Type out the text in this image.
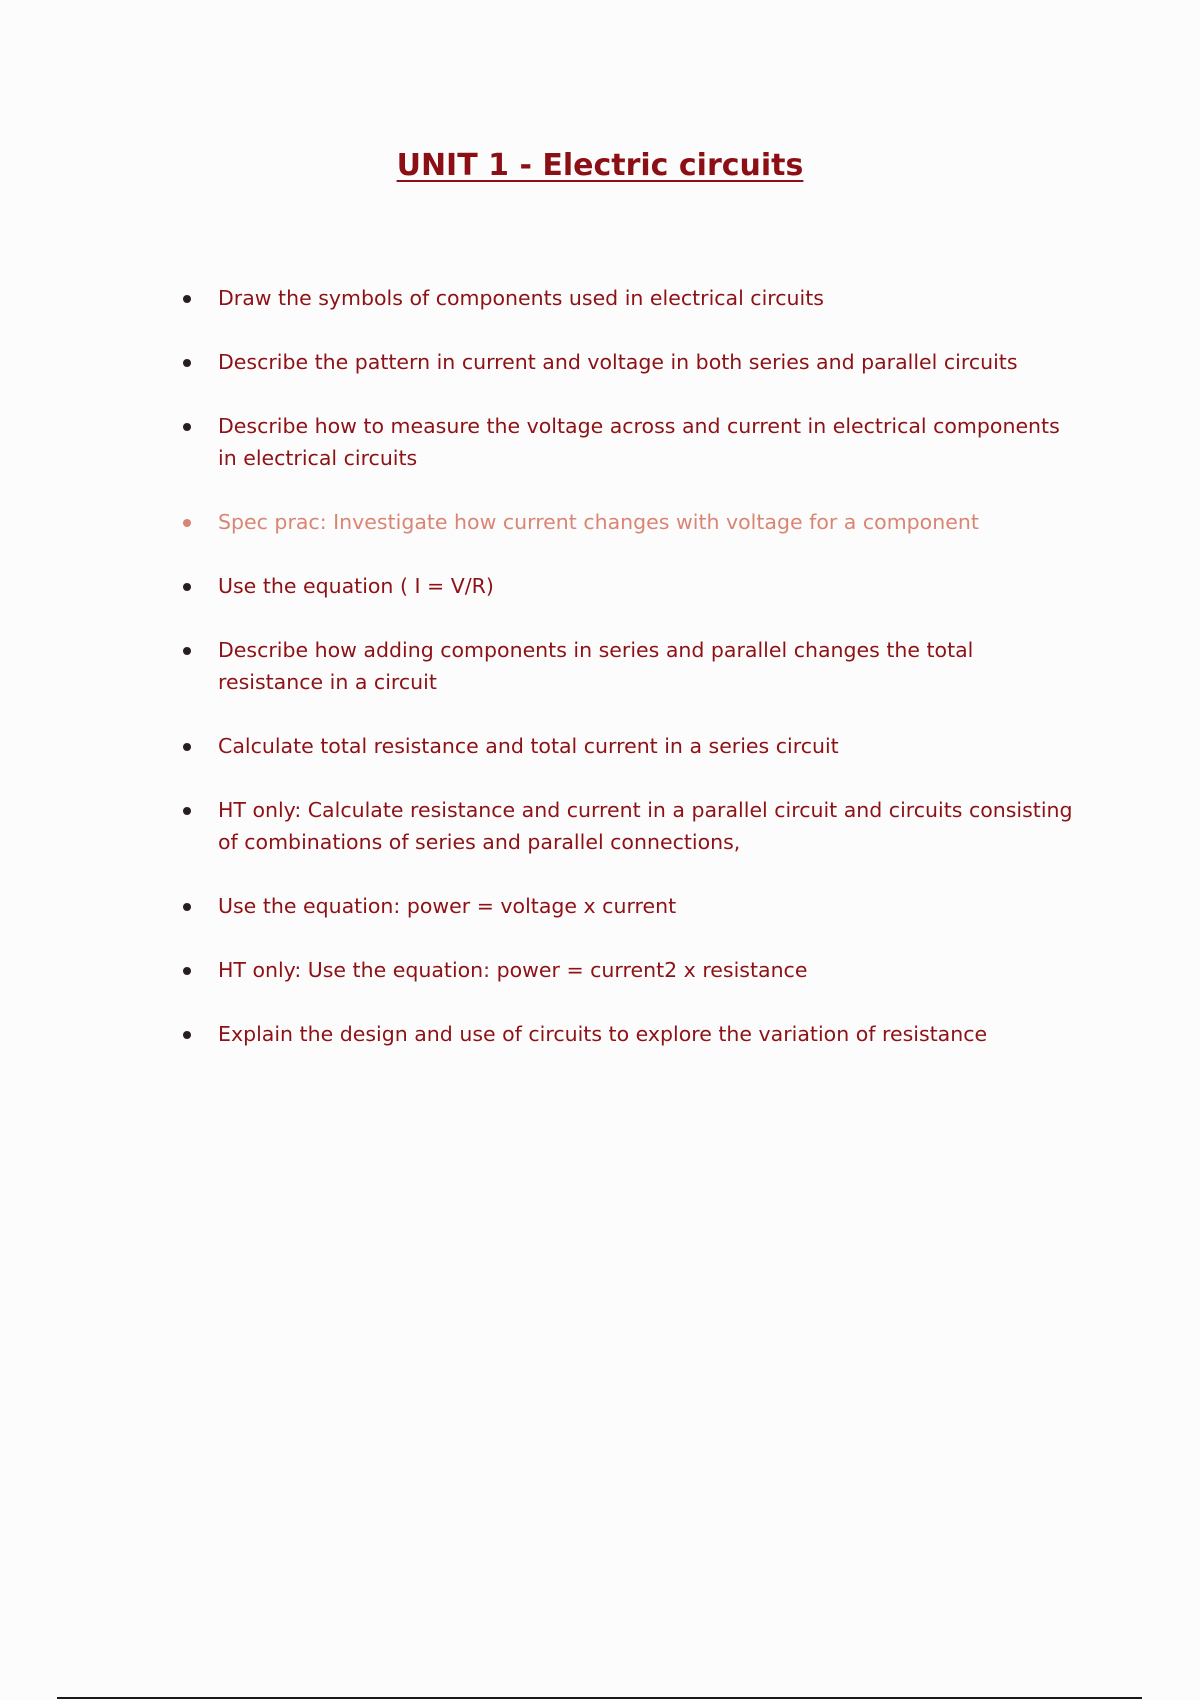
UNIT 1 - Electric circuits
Draw the symbols of components used in electrical circuits
Describe the pattern in current and voltage in both series and parallel circuits
Describe how to measure the voltage across and current in electrical components in electrical circuits
Spec prac: Investigate how current changes with voltage for a component
Use the equation ( I = V/R)
Describe how adding components in series and parallel changes the total resistance in a circuit
Calculate total resistance and total current in a series circuit
HT only: Calculate resistance and current in a parallel circuit and circuits consisting of combinations of series and parallel connections,
Use the equation: power = voltage x current
HT only: Use the equation: power = current2 x resistance
Explain the design and use of circuits to explore the variation of resistance
